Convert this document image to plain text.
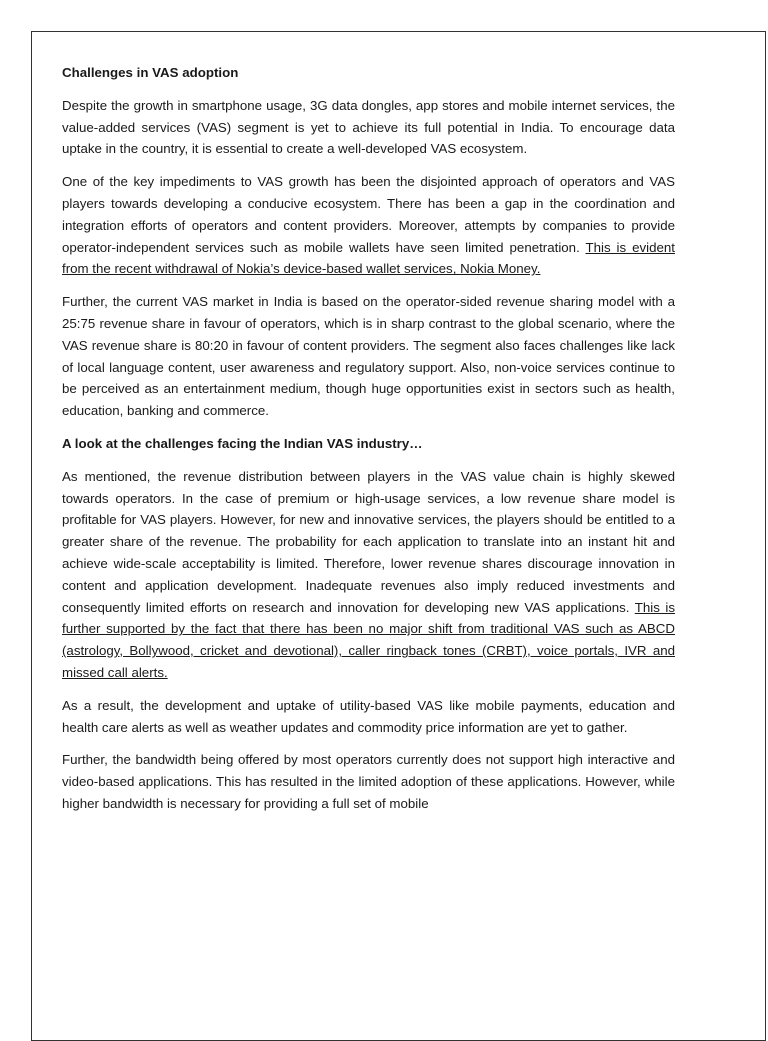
Challenges in VAS adoption

Despite the growth in smartphone usage, 3G data dongles, app stores and mobile internet services, the value-added services (VAS) segment is yet to achieve its full potential in India. To encourage data uptake in the country, it is essential to create a well-developed VAS ecosystem.

One of the key impediments to VAS growth has been the disjointed approach of operators and VAS players towards developing a conducive ecosystem. There has been a gap in the coordination and integration efforts of operators and content providers. Moreover, attempts by companies to provide operator-independent services such as mobile wallets have seen limited penetration. This is evident from the recent withdrawal of Nokia’s device-based wallet services, Nokia Money.

Further, the current VAS market in India is based on the operator-sided revenue sharing model with a 25:75 revenue share in favour of operators, which is in sharp contrast to the global scenario, where the VAS revenue share is 80:20 in favour of content providers. The segment also faces challenges like lack of local language content, user awareness and regulatory support. Also, non-voice services continue to be perceived as an entertainment medium, though huge opportunities exist in sectors such as health, education, banking and commerce.

A look at the challenges facing the Indian VAS industry…

As mentioned, the revenue distribution between players in the VAS value chain is highly skewed towards operators. In the case of premium or high-usage services, a low revenue share model is profitable for VAS players. However, for new and innovative services, the players should be entitled to a greater share of the revenue. The probability for each application to translate into an instant hit and achieve wide-scale acceptability is limited. Therefore, lower revenue shares discourage innovation in content and application development. Inadequate revenues also imply reduced investments and consequently limited efforts on research and innovation for developing new VAS applications. This is further supported by the fact that there has been no major shift from traditional VAS such as ABCD (astrology, Bollywood, cricket and devotional), caller ringback tones (CRBT), voice portals, IVR and missed call alerts.

As a result, the development and uptake of utility-based VAS like mobile payments, education and health care alerts as well as weather updates and commodity price information are yet to gather.

Further, the bandwidth being offered by most operators currently does not support high interactive and video-based applications. This has resulted in the limited adoption of these applications. However, while higher bandwidth is necessary for providing a full set of mobile
